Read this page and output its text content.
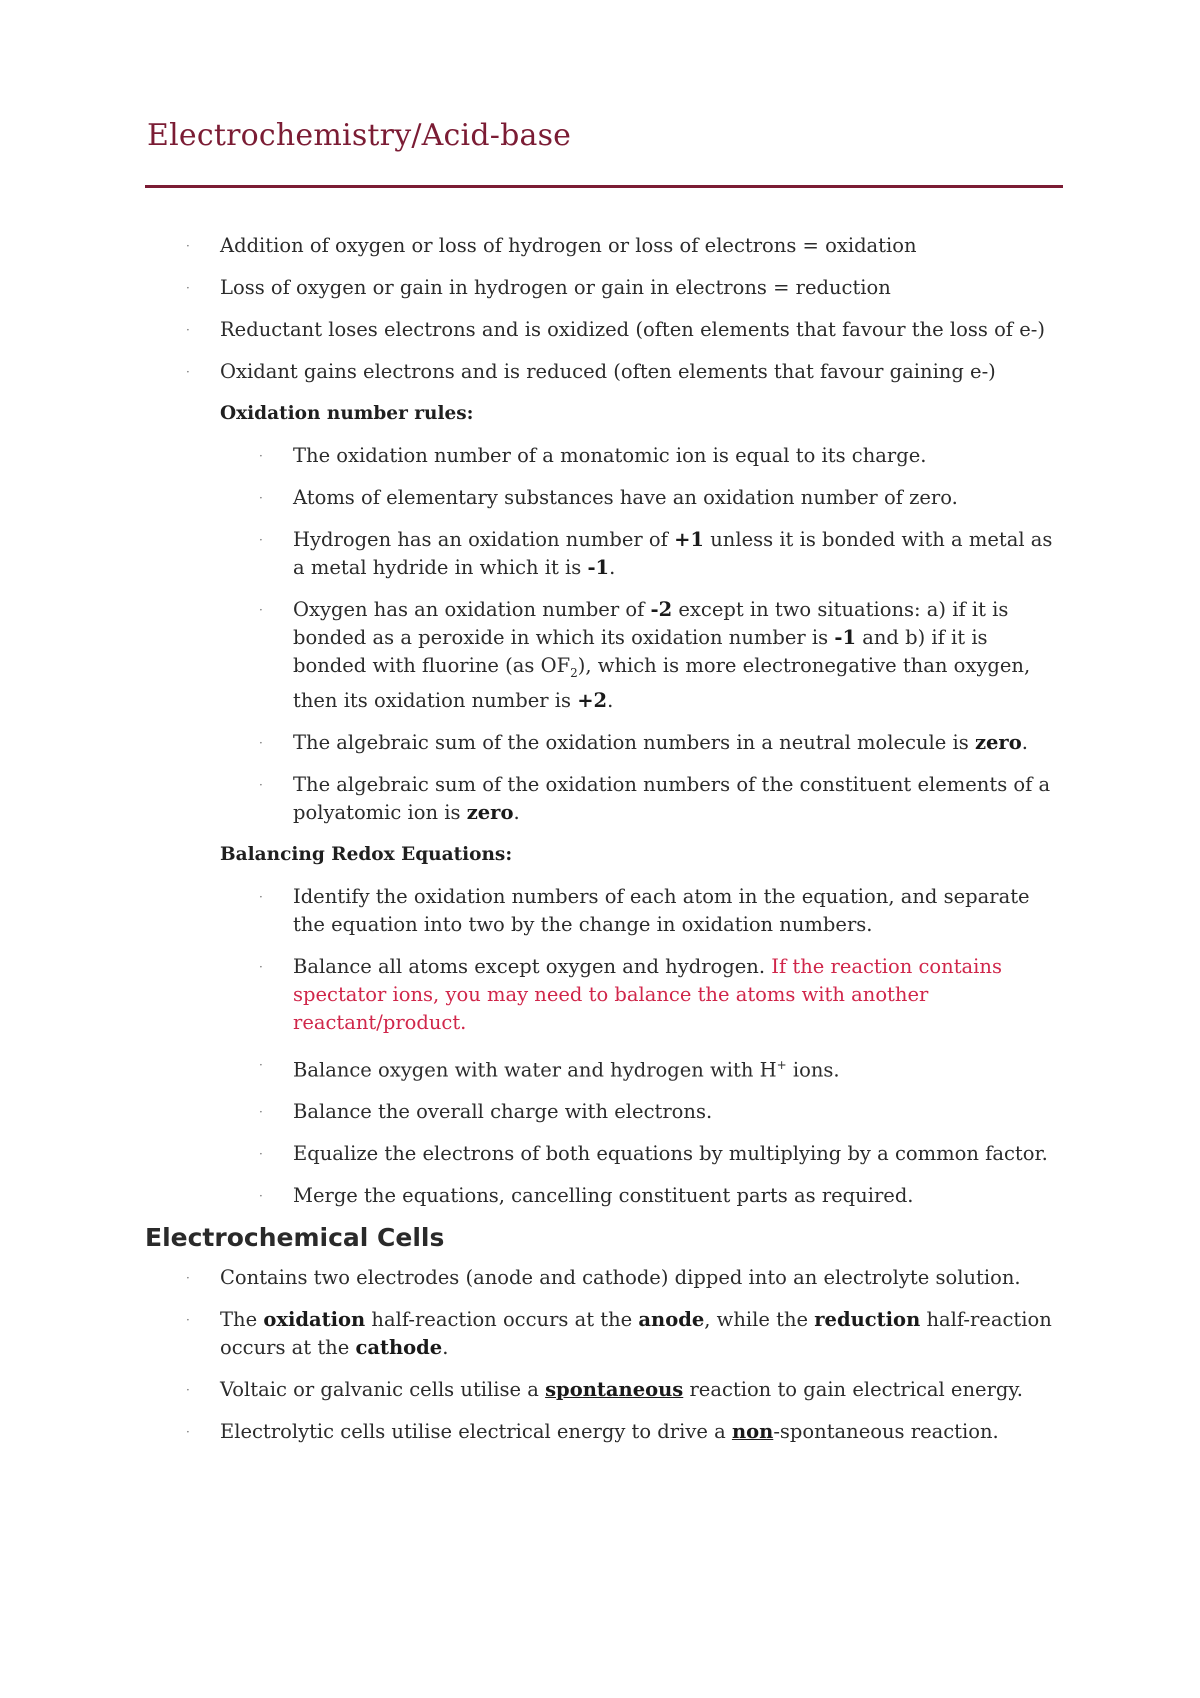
Electrochemistry/Acid-base
· Addition of oxygen or loss of hydrogen or loss of electrons = oxidation
· Loss of oxygen or gain in hydrogen or gain in electrons = reduction
· Reductant loses electrons and is oxidized (often elements that favour the loss of e-)
· Oxidant gains electrons and is reduced (often elements that favour gaining e-)
Oxidation number rules:
· The oxidation number of a monatomic ion is equal to its charge.
· Atoms of elementary substances have an oxidation number of zero.
· Hydrogen has an oxidation number of +1 unless it is bonded with a metal as a metal hydride in which it is -1.
· Oxygen has an oxidation number of -2 except in two situations: a) if it is bonded as a peroxide in which its oxidation number is -1 and b) if it is bonded with fluorine (as $OF_2$), which is more electronegative than oxygen, then its oxidation number is +2.
· The algebraic sum of the oxidation numbers in a neutral molecule is zero.
· The algebraic sum of the oxidation numbers of the constituent elements of a polyatomic ion is zero.
Balancing Redox Equations:
· Identify the oxidation numbers of each atom in the equation, and separate the equation into two by the change in oxidation numbers.
· Balance all atoms except oxygen and hydrogen. If the reaction contains spectator ions, you may need to balance the atoms with another reactant/product.
· Balance oxygen with water and hydrogen with H+ ions.
· Balance the overall charge with electrons.
· Equalize the electrons of both equations by multiplying by a common factor.
· Merge the equations, cancelling constituent parts as required.
Electrochemical Cells
· Contains two electrodes (anode and cathode) dipped into an electrolyte solution.
· The oxidation half-reaction occurs at the anode, while the reduction half-reaction occurs at the cathode.
· Voltaic or galvanic cells utilise a spontaneous reaction to gain electrical energy.
· Electrolytic cells utilise electrical energy to drive a non-spontaneous reaction.
